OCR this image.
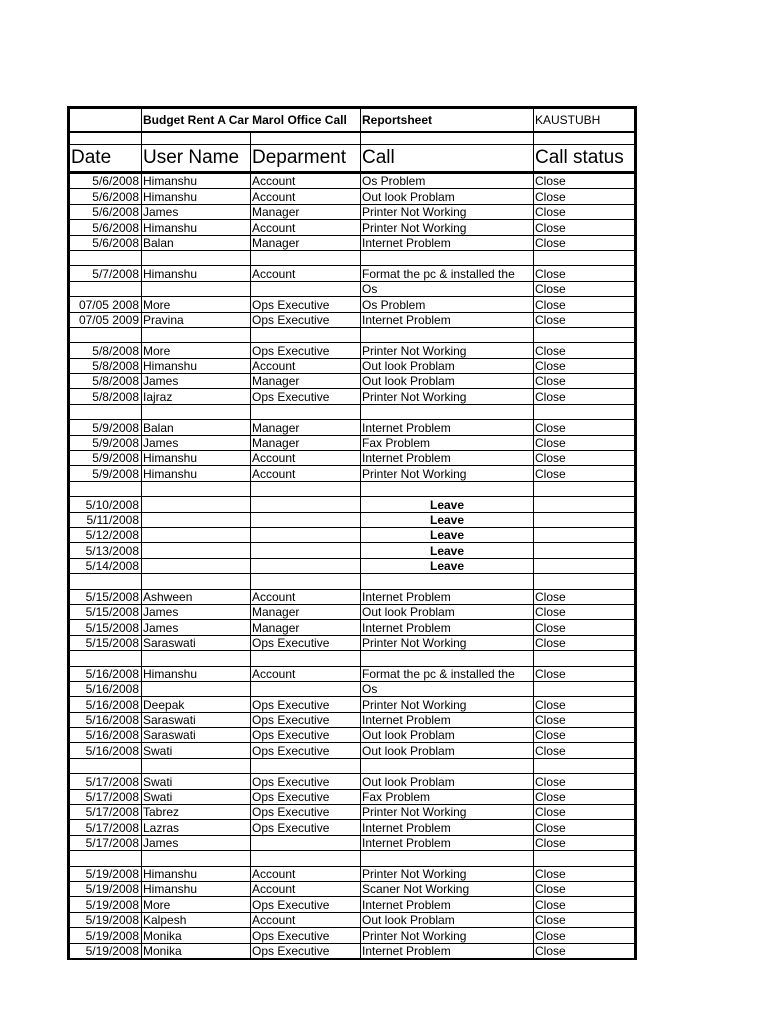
	Budget Rent A Car Marol Office Call		Reportsheet	KAUSTUBH

Date	User Name	Deparment	Call	Call status
5/6/2008	Himanshu	Account	Os Problem	Close
5/6/2008	Himanshu	Account	Out look Problam	Close
5/6/2008	James	Manager	Printer Not Working	Close
5/6/2008	Himanshu	Account	Printer Not Working	Close
5/6/2008	Balan	Manager	Internet Problem	Close

5/7/2008	Himanshu	Account	Format the pc & installed the	Close
			Os	Close
07/05 2008	More	Ops Executive	Os Problem	Close
07/05 2009	Pravina	Ops Executive	Internet Problem	Close

5/8/2008	More	Ops Executive	Printer Not Working	Close
5/8/2008	Himanshu	Account	Out look Problam	Close
5/8/2008	James	Manager	Out look Problam	Close
5/8/2008	Iajraz	Ops Executive	Printer Not Working	Close

5/9/2008	Balan	Manager	Internet Problem	Close
5/9/2008	James	Manager	Fax Problem	Close
5/9/2008	Himanshu	Account	Internet Problem	Close
5/9/2008	Himanshu	Account	Printer Not Working	Close

5/10/2008			Leave	
5/11/2008			Leave	
5/12/2008			Leave	
5/13/2008			Leave	
5/14/2008			Leave	

5/15/2008	Ashween	Account	Internet Problem	Close
5/15/2008	James	Manager	Out look Problam	Close
5/15/2008	James	Manager	Internet Problem	Close
5/15/2008	Saraswati	Ops Executive	Printer Not Working	Close

5/16/2008	Himanshu	Account	Format the pc & installed the	Close
5/16/2008			Os	
5/16/2008	Deepak	Ops Executive	Printer Not Working	Close
5/16/2008	Saraswati	Ops Executive	Internet Problem	Close
5/16/2008	Saraswati	Ops Executive	Out look Problam	Close
5/16/2008	Swati	Ops Executive	Out look Problam	Close

5/17/2008	Swati	Ops Executive	Out look Problam	Close
5/17/2008	Swati	Ops Executive	Fax Problem	Close
5/17/2008	Tabrez	Ops Executive	Printer Not Working	Close
5/17/2008	Lazras	Ops Executive	Internet Problem	Close
5/17/2008	James		Internet Problem	Close

5/19/2008	Himanshu	Account	Printer Not Working	Close
5/19/2008	Himanshu	Account	Scaner Not Working	Close
5/19/2008	More	Ops Executive	Internet Problem	Close
5/19/2008	Kalpesh	Account	Out look Problam	Close
5/19/2008	Monika	Ops Executive	Printer Not Working	Close
5/19/2008	Monika	Ops Executive	Internet Problem	Close
